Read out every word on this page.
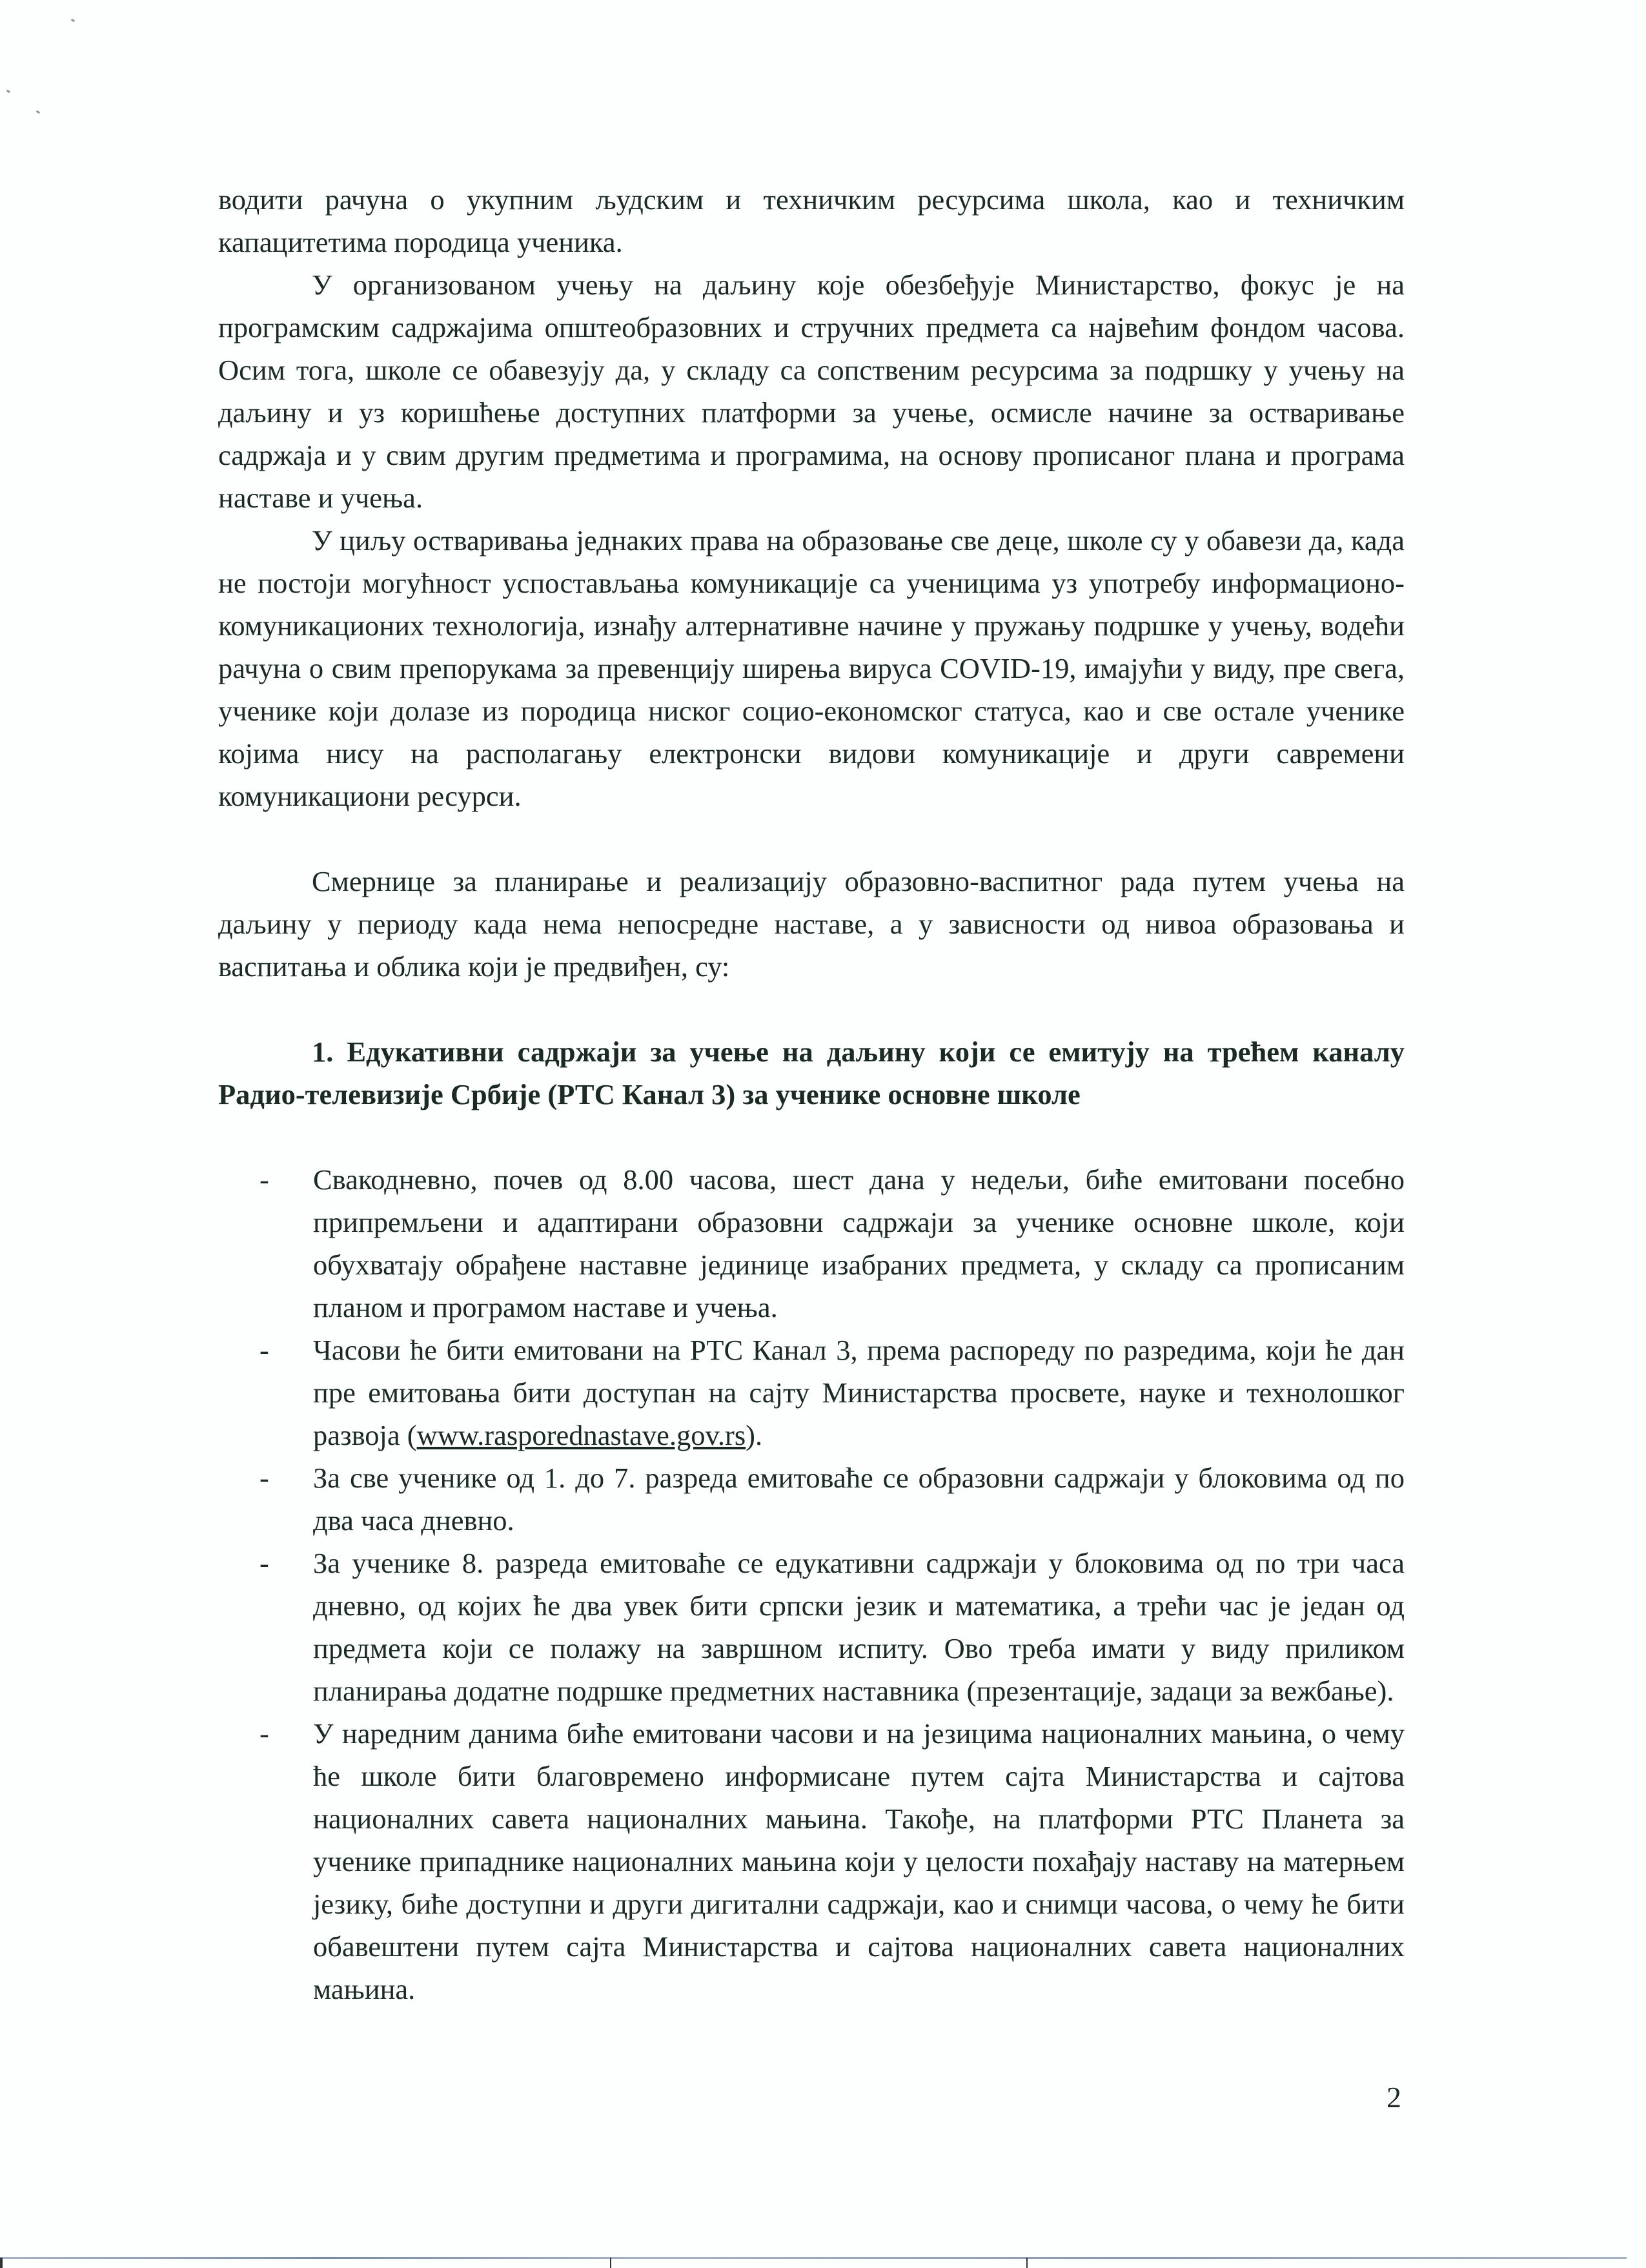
водити рачуна о укупним људским и техничким ресурсима школа, као и техничким капацитетима породица ученика.

У организованом учењу на даљину које обезбеђује Министарство, фокус је на програмским садржајима општеобразовних и стручних предмета са највећим фондом часова. Осим тога, школе се обавезују да, у складу са сопственим ресурсима за подршку у учењу на даљину и уз коришћење доступних платформи за учење, осмисле начине за остваривање садржаја и у свим другим предметима и програмима, на основу прописаног плана и програма наставе и учења.

У циљу остваривања једнаких права на образовање све деце, школе су у обавези да, када не постоји могућност успостављања комуникације са ученицима уз употребу информационо-комуникационих технологија, изнађу алтернативне начине у пружању подршке у учењу, водећи рачуна о свим препорукама за превенцију ширења вируса COVID-19, имајући у виду, пре свега, ученике који долазе из породица ниског социо-економског статуса, као и све остале ученике којима нису на располагању електронски видови комуникације и други савремени комуникациони ресурси.

Смернице за планирање и реализацију образовно-васпитног рада путем учења на даљину у периоду када нема непосредне наставе, а у зависности од нивоа образовања и васпитања и облика који је предвиђен, су:

1. Едукативни садржаји за учење на даљину који се емитују на трећем каналу Радио-телевизије Србије (РТС Канал 3) за ученике основне школе

- Свакодневно, почев од 8.00 часова, шест дана у недељи, биће емитовани посебно припремљени и адаптирани образовни садржаји за ученике основне школе, који обухватају обрађене наставне јединице изабраних предмета, у складу са прописаним планом и програмом наставе и учења.
- Часови ће бити емитовани на РТС Канал 3, према распореду по разредима, који ће дан пре емитовања бити доступан на сајту Министарства просвете, науке и технолошког развоја (www.rasporednastave.gov.rs).
- За све ученике од 1. до 7. разреда емитоваће се образовни садржаји у блоковима од по два часа дневно.
- За ученике 8. разреда емитоваће се едукативни садржаји у блоковима од по три часа дневно, од којих ће два увек бити српски језик и математика, а трећи час је један од предмета који се полажу на завршном испиту. Ово треба имати у виду приликом планирања додатне подршке предметних наставника (презентације, задаци за вежбање).
- У наредним данима биће емитовани часови и на језицима националних мањина, о чему ће школе бити благовремено информисане путем сајта Министарства и сајтова националних савета националних мањина. Такође, на платформи РТС Планета за ученике припаднике националних мањина који у целости похађају наставу на матерњем језику, биће доступни и други дигитални садржаји, као и снимци часова, о чему ће бити обавештени путем сајта Министарства и сајтова националних савета националних мањина.
2
